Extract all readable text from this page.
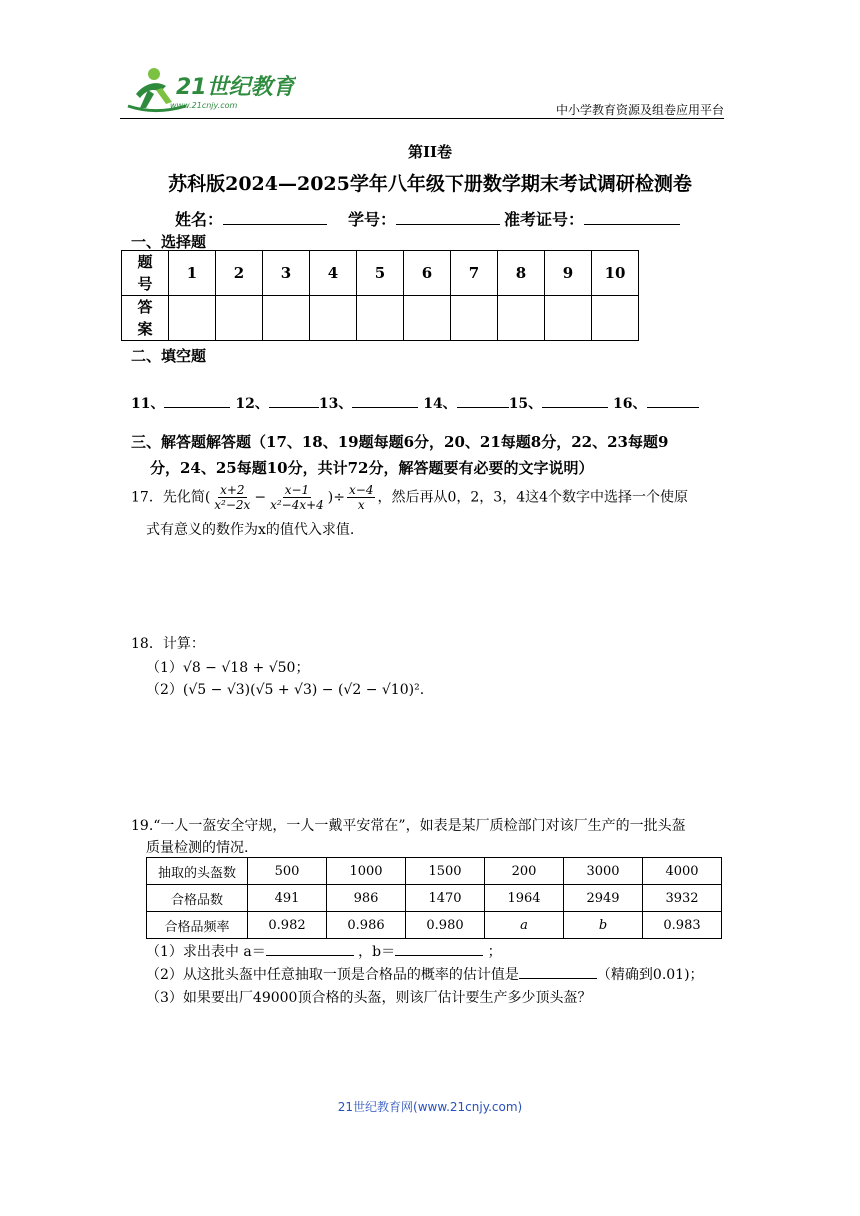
21世纪教育
www.21cnjy.com	中小学教育资源及组卷应用平台
第II卷
苏科版2024—2025学年八年级下册数学期末考试调研检测卷
姓名：	学号：	准考证号：
一、选择题
题
号	1	2	3	4	5	6	7	8	9	10
答
案										
二、填空题
11、	12、	13、	14、	15、	16、
三、解答题解答题（17、18、19题每题6分，20、21每题8分，22、23每题9
分，24、25每题10分，共计72分，解答题要有必要的文字说明）
17．先化简( $\frac{x+2}{\text{x²−2x}} - \frac{x-1}{\text{x²−4x+4}}$ )÷ $\frac{x-4}{x}$ ，然后再从0，2，3，4这4个数字中选择一个使原
式有意义的数作为x的值代入求值.
18．计算：
（1）√8 − √18 + √50；
（2）(√5 − √3)(√5 + √3) − (√2 − √10)².
19.“一人一盔安全守规，一人一戴平安常在”，如表是某厂质检部门对该厂生产的一批头盔
质量检测的情况.
抽取的头盔数	500	1000	1500	200	3000	4000
合格品数	491	986	1470	1964	2949	3932
合格品频率	0.982	0.986	0.980	a	b	0.983
（1）求出表中 a＝	，b＝	；
（2）从这批头盔中任意抽取一顶是合格品的概率的估计值是	（精确到0.01)；
（3）如果要出厂49000顶合格的头盔，则该厂估计要生产多少顶头盔？
21世纪教育网(www.21cnjy.com)
